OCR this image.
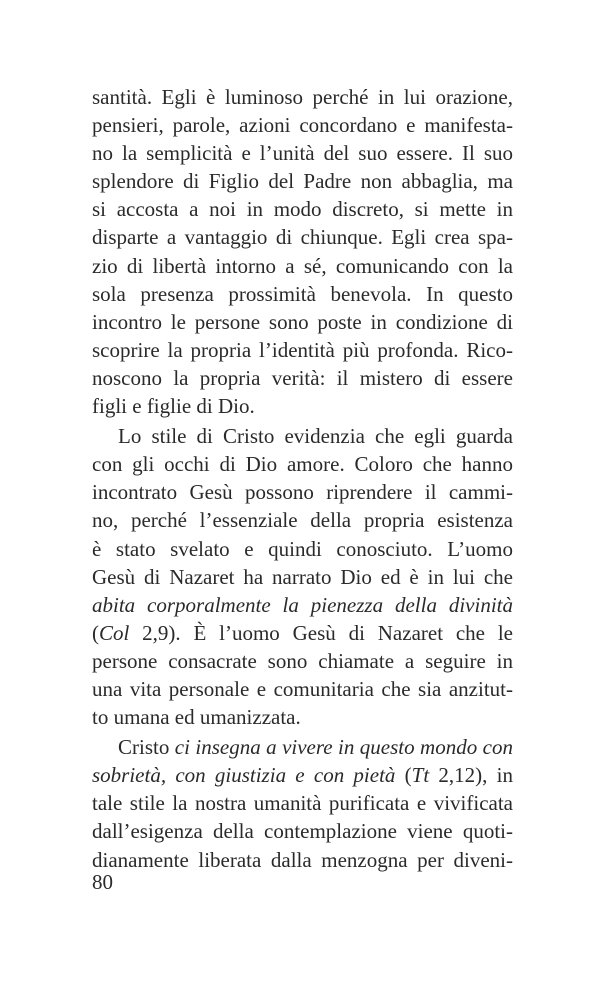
santità. Egli è luminoso perché in lui orazione,
pensieri, parole, azioni concordano e manifesta-
no la semplicità e l’unità del suo essere. Il suo
splendore di Figlio del Padre non abbaglia, ma
si accosta a noi in modo discreto, si mette in
disparte a vantaggio di chiunque. Egli crea spa-
zio di libertà intorno a sé, comunicando con la
sola presenza prossimità benevola. In questo
incontro le persone sono poste in condizione di
scoprire la propria l’identità più profonda. Rico-
noscono la propria verità: il mistero di essere
figli e figlie di Dio.
Lo stile di Cristo evidenzia che egli guarda
con gli occhi di Dio amore. Coloro che hanno
incontrato Gesù possono riprendere il cammi-
no, perché l’essenziale della propria esistenza
è stato svelato e quindi conosciuto. L’uomo
Gesù di Nazaret ha narrato Dio ed è in lui che
abita corporalmente la pienezza della divinità
(Col 2,9). È l’uomo Gesù di Nazaret che le
persone consacrate sono chiamate a seguire in
una vita personale e comunitaria che sia anzitut-
to umana ed umanizzata.
Cristo ci insegna a vivere in questo mondo con
sobrietà, con giustizia e con pietà (Tt 2,12), in
tale stile la nostra umanità purificata e vivificata
dall’esigenza della contemplazione viene quoti-
dianamente liberata dalla menzogna per diveni-
80
